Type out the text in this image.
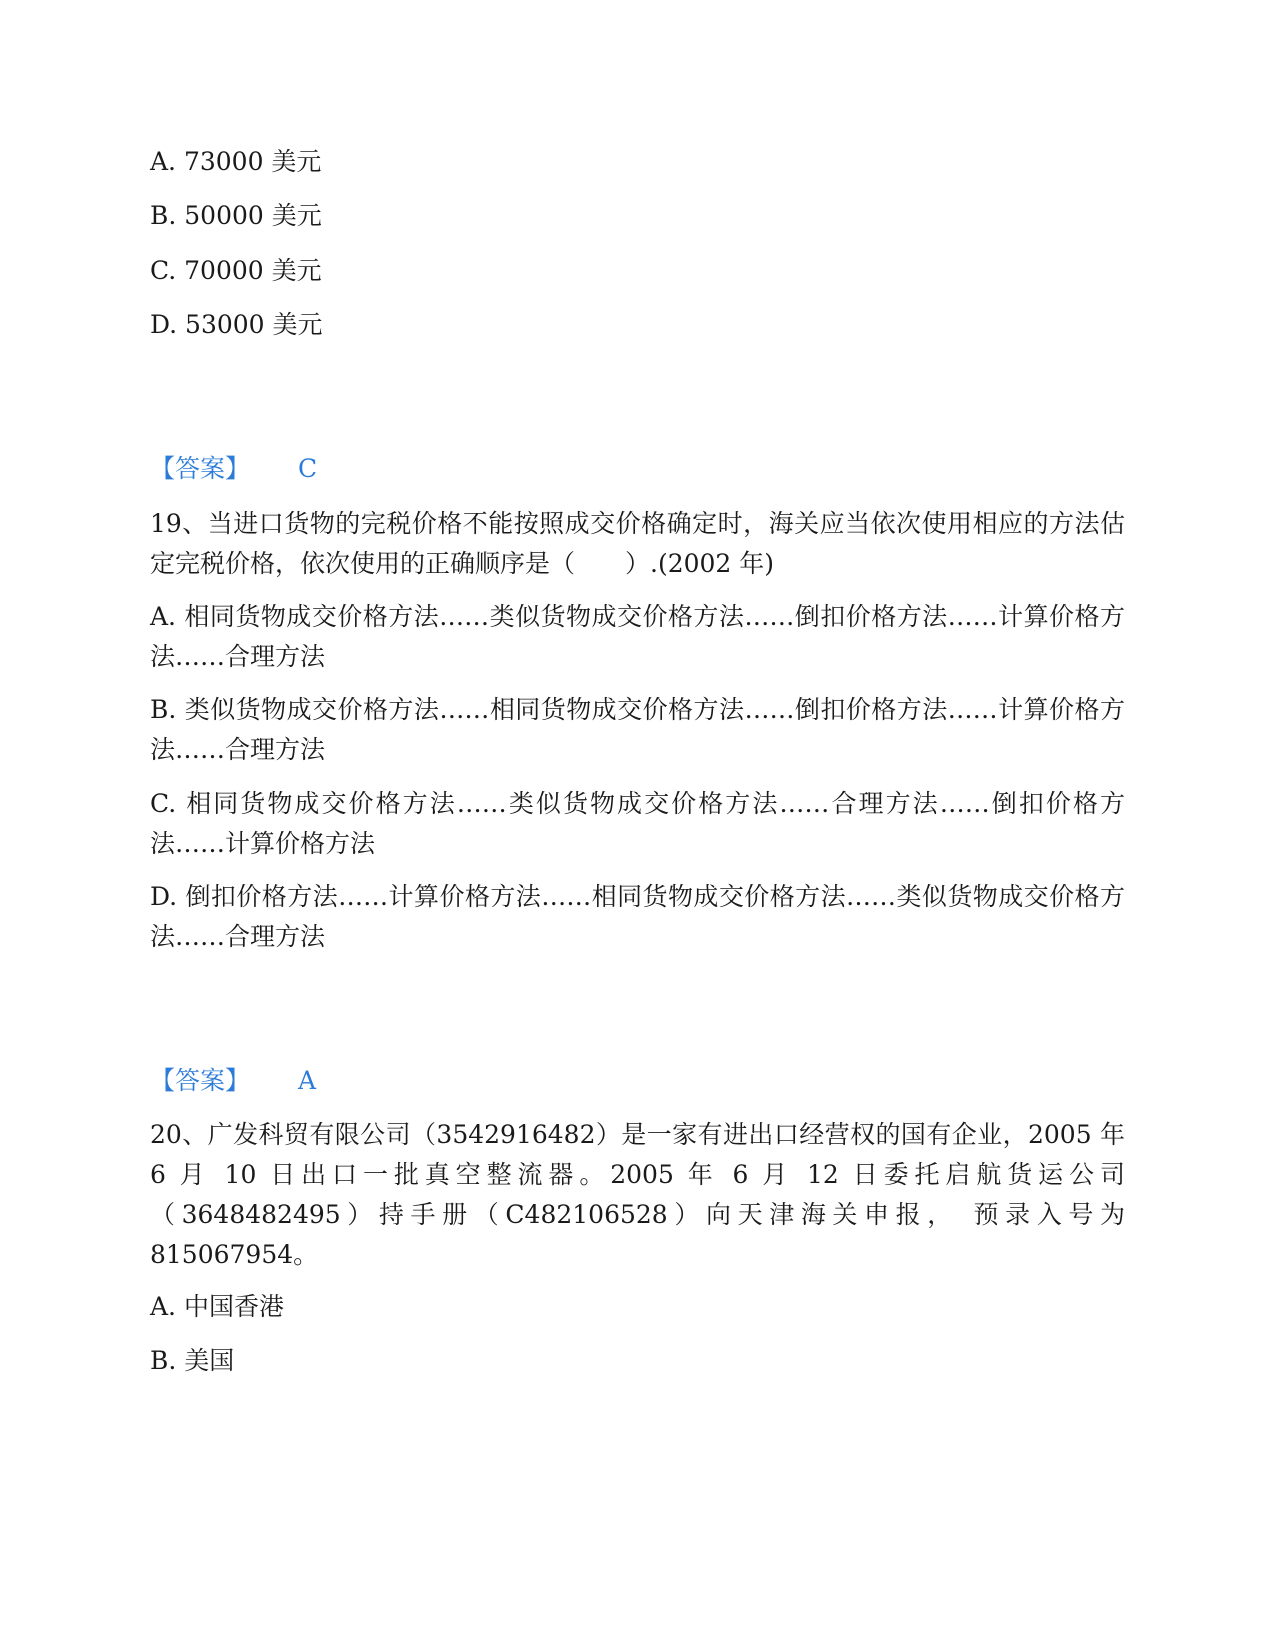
A. 73000 美元
B. 50000 美元
C. 70000 美元
D. 53000 美元
【答案】 C
19、当进口货物的完税价格不能按照成交价格确定时，海关应当依次使用相应的方法估定完税价格，依次使用的正确顺序是（　　）.(2002 年)
A. 相同货物成交价格方法……类似货物成交价格方法……倒扣价格方法……计算价格方法……合理方法
B. 类似货物成交价格方法……相同货物成交价格方法……倒扣价格方法……计算价格方法……合理方法
C. 相同货物成交价格方法……类似货物成交价格方法……合理方法……倒扣价格方法……计算价格方法
D. 倒扣价格方法……计算价格方法……相同货物成交价格方法……类似货物成交价格方法……合理方法
【答案】 A
20、广发科贸有限公司（3542916482）是一家有进出口经营权的国有企业，2005 年 6 月 10 日出口一批真空整流器。2005 年 6 月 12 日委托启航货运公司（3648482495）持手册（C482106528）向天津海关申报， 预录入号为 815067954。
A. 中国香港
B. 美国
